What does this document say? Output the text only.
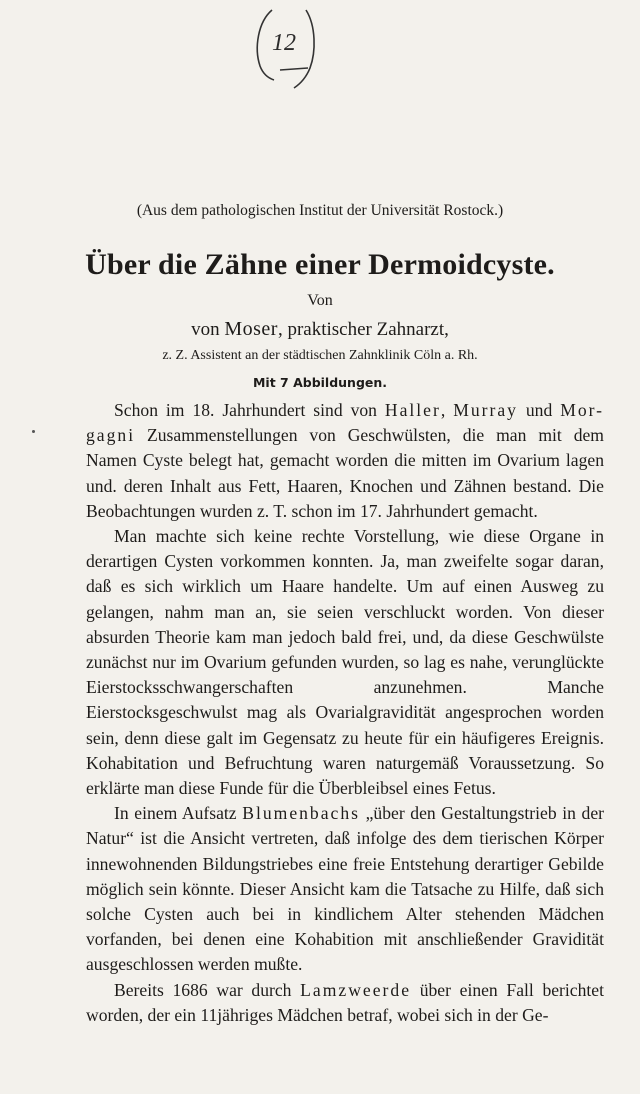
12
(Aus dem pathologischen Institut der Universität Rostock.)
Über die Zähne einer Dermoidcyste.
Von
von Moser, praktischer Zahnarzt,
z. Z. Assistent an der städtischen Zahnklinik Cöln a. Rh.
Mit 7 Abbildungen.

Schon im 18. Jahrhundert sind von Haller, Murray und Mor-gagni Zusammenstellungen von Geschwülsten, die man mit dem Namen Cyste belegt hat, gemacht worden die mitten im Ovarium lagen und. deren Inhalt aus Fett, Haaren, Knochen und Zähnen bestand. Die Beobachtungen wurden z. T. schon im 17. Jahrhundert gemacht.

Man machte sich keine rechte Vorstellung, wie diese Organe in derartigen Cysten vorkommen konnten. Ja, man zweifelte sogar daran, daß es sich wirklich um Haare handelte. Um auf einen Ausweg zu gelangen, nahm man an, sie seien verschluckt worden. Von dieser absurden Theorie kam man jedoch bald frei, und, da diese Geschwülste zunächst nur im Ovarium gefunden wurden, so lag es nahe, verunglückte Eierstocksschwangerschaften anzunehmen. Manche Eierstocksgeschwulst mag als Ovarialgravidität angesprochen worden sein, denn diese galt im Gegensatz zu heute für ein häufigeres Ereignis. Kohabitation und Befruchtung waren naturgemäß Voraussetzung. So erklärte man diese Funde für die Überbleibsel eines Fetus.

In einem Aufsatz Blumenbachs „über den Gestaltungstrieb in der Natur“ ist die Ansicht vertreten, daß infolge des dem tierischen Körper innewohnenden Bildungstriebes eine freie Entstehung derartiger Gebilde möglich sein könnte. Dieser Ansicht kam die Tatsache zu Hilfe, daß sich solche Cysten auch bei in kindlichem Alter stehenden Mädchen vorfanden, bei denen eine Kohabition mit anschließender Gravidität ausgeschlossen werden mußte.

Bereits 1686 war durch Lamzweerde über einen Fall berichtet worden, der ein 11jähriges Mädchen betraf, wobei sich in der Ge-
